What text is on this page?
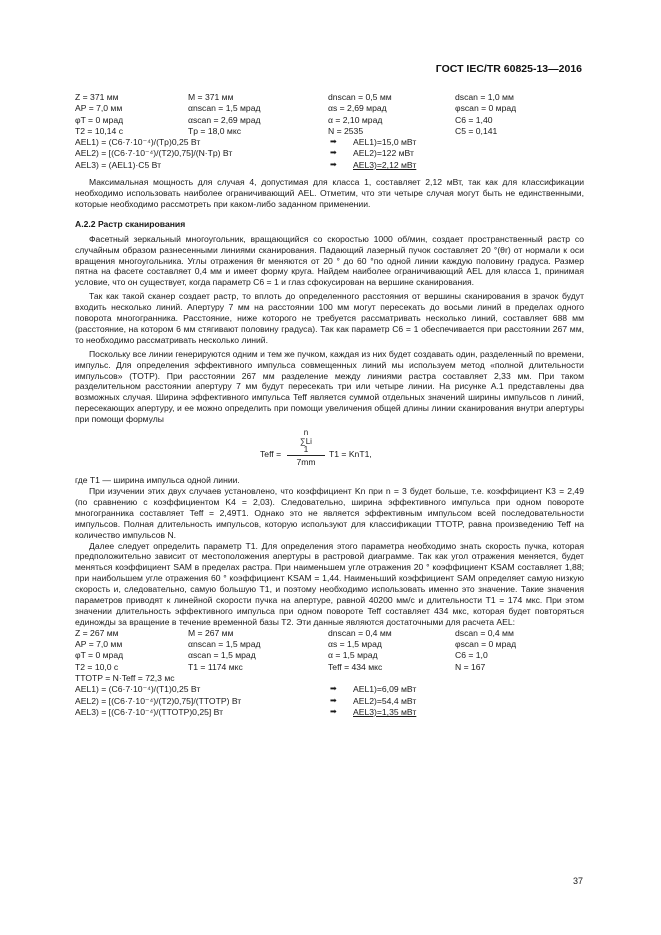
ГОСТ IEC/TR 60825-13—2016
Z = 371 мм	M = 371 мм	dnscan = 0,5 мм	dscan = 1,0 мм
AP = 7,0 мм	αnscan = 1,5 мрад	αs = 2,69 мрад	φscan = 0 мрад
φT = 0 мрад	αscan = 2,69 мрад	α = 2,10 мрад	C6 = 1,40
T2 = 10,14 с	Tp = 18,0 мкс	N = 2535	C5 = 0,141
AEL1) = (C6·7·10⁻⁴)/(Tp)0,25 Вт	➡	AEL1)=15,0 мВт
AEL2) = [(C6·7·10⁻⁴)/(T2)0,75]/(N·Tp) Вт	➡	AEL2)=122 мВт
AEL3) = (AEL1)·C5 Вт	➡	AEL3)=2,12 мВт

Максимальная мощность для случая 4, допустимая для класса 1, составляет 2,12 мВт, так как для классификации необходимо использовать наиболее ограничивающий AEL. Отметим, что эти четыре случая могут быть не единственными, которые необходимо рассмотреть при каком-либо заданном применении.

А.2.2 Растр сканирования

Фасетный зеркальный многоугольник, вращающийся со скоростью 1000 об/мин, создает пространственный растр со случайным образом разнесенными линиями сканирования. Падающий лазерный пучок составляет 20 °(θr) от нормали к оси вращения многоугольника. Углы отражения θr меняются от 20 ° до 60 °по одной линии каждую половину градуса. Размер пятна на фасете составляет 0,4 мм и имеет форму круга. Найдем наиболее ограничивающий AEL для класса 1, принимая условие, что он существует, когда параметр C6 = 1 и глаз сфокусирован на вершине сканирования.

Так как такой сканер создает растр, то вплоть до определенного расстояния от вершины сканирования в зрачок будут входить несколько линий. Апертуру 7 мм на расстоянии 100 мм могут пересекать до восьми линий в пределах одного поворота многогранника. Расстояние, ниже которого не требуется рассматривать несколько линий, составляет 688 мм (расстояние, на котором 6 мм стягивают половину градуса). Так как параметр C6 = 1 обеспечивается при расстоянии 267 мм, то необходимо рассматривать несколько линий.

Поскольку все линии генерируются одним и тем же пучком, каждая из них будет создавать один, разделенный по времени, импульс. Для определения эффективного импульса совмещенных линий мы используем метод «полной длительности импульсов» (TOTP). При расстоянии 267 мм разделение между линиями растра составляет 2,33 мм. При таком разделительном расстоянии апертуру 7 мм будут пересекать три или четыре линии. На рисунке А.1 представлены два возможных случая. Ширина эффективного импульса Teff является суммой отдельных значений ширины импульсов n линий, пересекающих апертуру, и ее можно определить при помощи увеличения общей длины линии сканирования внутри апертуры при помощи формулы

Teff =
n
∑Li
1
7mm
T1 = KnT1,

где T1 — ширина импульса одной линии.

При изучении этих двух случаев установлено, что коэффициент Kn при n = 3 будет больше, т.е. коэффициент K3 = 2,49 (по сравнению с коэффициентом K4 = 2,03). Следовательно, ширина эффективного импульса при одном повороте многогранника составляет Teff = 2,49T1. Однако это не является эффективным импульсом всей последовательности импульсов. Полная длительность импульсов, которую используют для классификации TTOTP, равна произведению Teff на количество импульсов N.

Далее следует определить параметр T1. Для определения этого параметра необходимо знать скорость пучка, которая предположительно зависит от местоположения апертуры в растровой диаграмме. Так как угол отражения меняется, будет меняться коэффициент SAM в пределах растра. При наименьшем угле отражения 20 ° коэффициент KSAM составляет 1,88; при наибольшем угле отражения 60 ° коэффициент KSAM = 1,44. Наименьший коэффициент SAM определяет самую низкую скорость и, следовательно, самую большую T1, и поэтому необходимо использовать именно это значение. Такие значения параметров приводят к линейной скорости пучка на апертуре, равной 40200 мм/с и длительности T1 = 174 мкс. При этом значении длительность эффективного импульса при одном повороте Teff составляет 434 мкс, которая будет повторяться единожды за вращение в течение временной базы T2. Эти данные являются достаточными для расчета AEL:

Z = 267 мм	M = 267 мм	dnscan = 0,4 мм	dscan = 0,4 мм
AP = 7,0 мм	αnscan = 1,5 мрад	αs = 1,5 мрад	φscan = 0 мрад
φT = 0 мрад	αscan = 1,5 мрад	α = 1,5 мрад	C6 = 1,0
T2 = 10,0 с	T1 = 1174 мкс	Teff = 434 мкс	N = 167
TTOTP = N·Teff = 72,3 мс
AEL1) = (C6·7·10⁻⁴)/(T1)0,25 Вт	➡	AEL1)=6,09 мВт
AEL2) = [(C6·7·10⁻⁴)/(T2)0,75]/(TTOTP) Вт	➡	AEL2)=54,4 мВт
AEL3) = [(C6·7·10⁻⁴)/(TTOTP)0,25] Вт	➡	AEL3)=1,35 мВт
37
